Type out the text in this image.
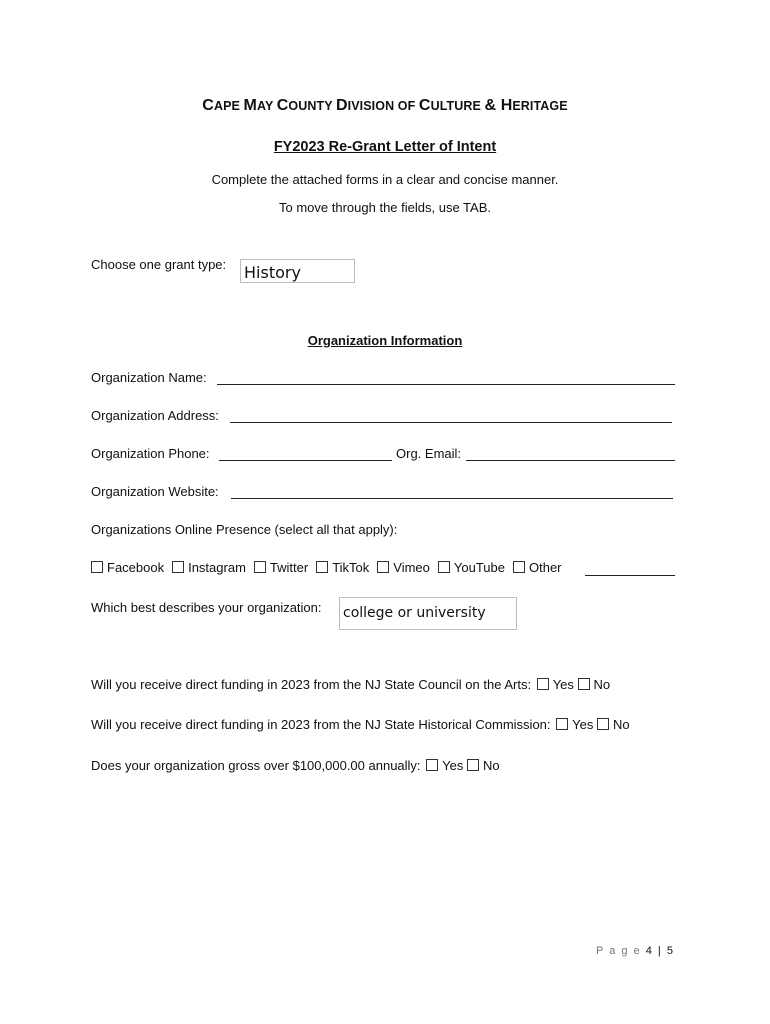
CAPE MAY COUNTY DIVISION OF CULTURE & HERITAGE
FY2023 Re-Grant Letter of Intent
Complete the attached forms in a clear and concise manner.
To move through the fields, use TAB.
Choose one grant type: History
Organization Information
Organization Name:
Organization Address:
Organization Phone:	Org. Email:
Organization Website:
Organizations Online Presence (select all that apply):
Facebook Instagram Twitter TikTok Vimeo YouTube Other
Which best describes your organization: college or university
Will you receive direct funding in 2023 from the NJ State Council on the Arts: Yes No
Will you receive direct funding in 2023 from the NJ State Historical Commission: Yes No
Does your organization gross over $100,000.00 annually: Yes No
P a g e 4 | 5
